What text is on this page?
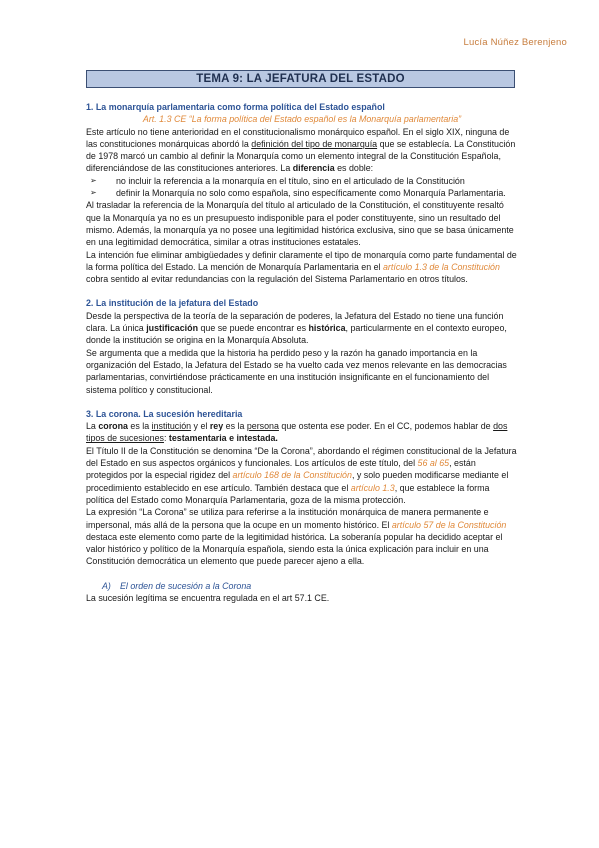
Lucía Núñez Berenjeno
TEMA 9: LA JEFATURA DEL ESTADO

1. La monarquía parlamentaria como forma política del Estado español

Art. 1.3 CE “La forma política del Estado español es la Monarquía parlamentaria”

Este artículo no tiene anterioridad en el constitucionalismo monárquico español. En el siglo XIX, ninguna de las constituciones monárquicas abordó la definición del tipo de monarquía que se establecía. La Constitución de 1978 marcó un cambio al definir la Monarquía como un elemento integral de la Constitución Española, diferenciándose de las constituciones anteriores. La diferencia es doble:

➢	no incluir la referencia a la monarquía en el título, sino en el articulado de la Constitución
➢	definir la Monarquía no solo como española, sino específicamente como Monarquía Parlamentaria.

Al trasladar la referencia de la Monarquía del título al articulado de la Constitución, el constituyente resaltó que la Monarquía ya no es un presupuesto indisponible para el poder constituyente, sino un resultado del mismo. Además, la monarquía ya no posee una legitimidad histórica exclusiva, sino que se basa únicamente en una legitimidad democrática, similar a otras instituciones estatales.

La intención fue eliminar ambigüedades y definir claramente el tipo de monarquía como parte fundamental de la forma política del Estado. La mención de Monarquía Parlamentaria en el artículo 1.3 de la Constitución cobra sentido al evitar redundancias con la regulación del Sistema Parlamentario en otros títulos.

2. La institución de la jefatura del Estado

Desde la perspectiva de la teoría de la separación de poderes, la Jefatura del Estado no tiene una función clara. La única justificación que se puede encontrar es histórica, particularmente en el contexto europeo, donde la institución se origina en la Monarquía Absoluta.

Se argumenta que a medida que la historia ha perdido peso y la razón ha ganado importancia en la organización del Estado, la Jefatura del Estado se ha vuelto cada vez menos relevante en las democracias parlamentarias, convirtiéndose prácticamente en una institución insignificante en el funcionamiento del sistema político y constitucional.

3. La corona. La sucesión hereditaria

La corona es la institución y el rey es la persona que ostenta ese poder. En el CC, podemos hablar de dos tipos de sucesiones: testamentaria e intestada.

El Título II de la Constitución se denomina “De la Corona”, abordando el régimen constitucional de la Jefatura del Estado en sus aspectos orgánicos y funcionales. Los artículos de este título, del 56 al 65, están protegidos por la especial rigidez del artículo 168 de la Constitución, y solo pueden modificarse mediante el procedimiento establecido en ese artículo. También destaca que el artículo 1.3, que establece la forma política del Estado como Monarquía Parlamentaria, goza de la misma protección.

La expresión “La Corona” se utiliza para referirse a la institución monárquica de manera permanente e impersonal, más allá de la persona que la ocupe en un momento histórico. El artículo 57 de la Constitución destaca este elemento como parte de la legitimidad histórica. La soberanía popular ha decidido aceptar el valor histórico y político de la Monarquía española, siendo esta la única explicación para incluir en una Constitución democrática un elemento que puede parecer ajeno a ella.

A) El orden de sucesión a la Corona

La sucesión legítima se encuentra regulada en el art 57.1 CE.
